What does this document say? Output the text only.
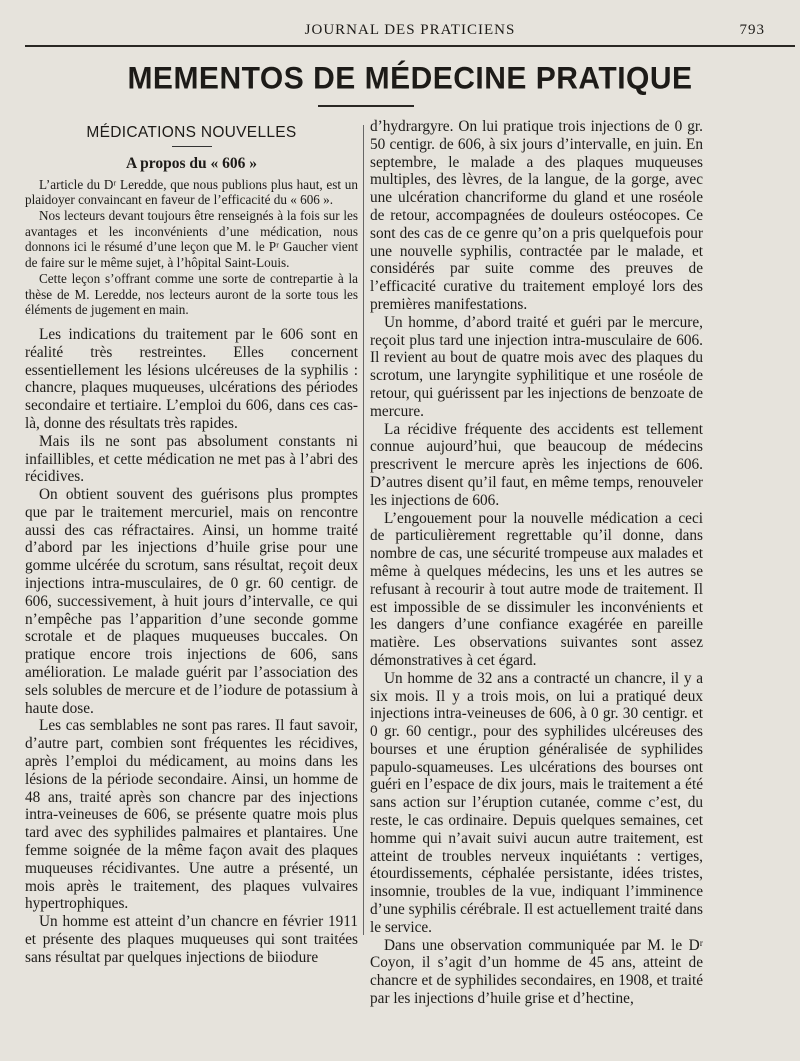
JOURNAL DES PRATICIENS	793
MEMENTOS DE MÉDECINE PRATIQUE
MÉDICATIONS NOUVELLES
A propos du « 606 »

L’article du Dʳ Leredde, que nous publions plus haut, est un plaidoyer convaincant en faveur de l’efficacité du « 606 ».

Nos lecteurs devant toujours être renseignés à la fois sur les avantages et les inconvénients d’une médication, nous donnons ici le résumé d’une leçon que M. le Pʳ Gaucher vient de faire sur le même sujet, à l’hôpital Saint-Louis.

Cette leçon s’offrant comme une sorte de contrepartie à la thèse de M. Leredde, nos lecteurs auront de la sorte tous les éléments de jugement en main.

Les indications du traitement par le 606 sont en réalité très restreintes. Elles concernent essentiellement les lésions ulcéreuses de la syphilis : chancre, plaques muqueuses, ulcérations des périodes secondaire et tertiaire. L’emploi du 606, dans ces cas-là, donne des résultats très rapides.

Mais ils ne sont pas absolument constants ni infaillibles, et cette médication ne met pas à l’abri des récidives.

On obtient souvent des guérisons plus promptes que par le traitement mercuriel, mais on rencontre aussi des cas réfractaires. Ainsi, un homme traité d’abord par les injections d’huile grise pour une gomme ulcérée du scrotum, sans résultat, reçoit deux injections intra-musculaires, de 0 gr. 60 centigr. de 606, successivement, à huit jours d’intervalle, ce qui n’empêche pas l’apparition d’une seconde gomme scrotale et de plaques muqueuses buccales. On pratique encore trois injections de 606, sans amélioration. Le malade guérit par l’association des sels solubles de mercure et de l’iodure de potassium à haute dose.

Les cas semblables ne sont pas rares. Il faut savoir, d’autre part, combien sont fréquentes les récidives, après l’emploi du médicament, au moins dans les lésions de la période secondaire. Ainsi, un homme de 48 ans, traité après son chancre par des injections intra-veineuses de 606, se présente quatre mois plus tard avec des syphilides palmaires et plantaires. Une femme soignée de la même façon avait des plaques muqueuses récidivantes. Une autre a présenté, un mois après le traitement, des plaques vulvaires hypertrophiques.

Un homme est atteint d’un chancre en février 1911 et présente des plaques muqueuses qui sont traitées sans résultat par quelques injections de biiodure

d’hydrargyre. On lui pratique trois injections de 0 gr. 50 centigr. de 606, à six jours d’intervalle, en juin. En septembre, le malade a des plaques muqueuses multiples, des lèvres, de la langue, de la gorge, avec une ulcération chancriforme du gland et une roséole de retour, accompagnées de douleurs ostéocopes. Ce sont des cas de ce genre qu’on a pris quelquefois pour une nouvelle syphilis, contractée par le malade, et considérés par suite comme des preuves de l’efficacité curative du traitement employé lors des premières manifestations.

Un homme, d’abord traité et guéri par le mercure, reçoit plus tard une injection intra-musculaire de 606. Il revient au bout de quatre mois avec des plaques du scrotum, une laryngite syphilitique et une roséole de retour, qui guérissent par les injections de benzoate de mercure.

La récidive fréquente des accidents est tellement connue aujourd’hui, que beaucoup de médecins prescrivent le mercure après les injections de 606. D’autres disent qu’il faut, en même temps, renouveler les injections de 606.

L’engouement pour la nouvelle médication a ceci de particulièrement regrettable qu’il donne, dans nombre de cas, une sécurité trompeuse aux malades et même à quelques médecins, les uns et les autres se refusant à recourir à tout autre mode de traitement. Il est impossible de se dissimuler les inconvénients et les dangers d’une confiance exagérée en pareille matière. Les observations suivantes sont assez démonstratives à cet égard.

Un homme de 32 ans a contracté un chancre, il y a six mois. Il y a trois mois, on lui a pratiqué deux injections intra-veineuses de 606, à 0 gr. 30 centigr. et 0 gr. 60 centigr., pour des syphilides ulcéreuses des bourses et une éruption généralisée de syphilides papulo-squameuses. Les ulcérations des bourses ont guéri en l’espace de dix jours, mais le traitement a été sans action sur l’éruption cutanée, comme c’est, du reste, le cas ordinaire. Depuis quelques semaines, cet homme qui n’avait suivi aucun autre traitement, est atteint de troubles nerveux inquiétants : vertiges, étourdissements, céphalée persistante, idées tristes, insomnie, troubles de la vue, indiquant l’imminence d’une syphilis cérébrale. Il est actuellement traité dans le service.

Dans une observation communiquée par M. le Dʳ Coyon, il s’agit d’un homme de 45 ans, atteint de chancre et de syphilides secondaires, en 1908, et traité par les injections d’huile grise et d’hectine,
